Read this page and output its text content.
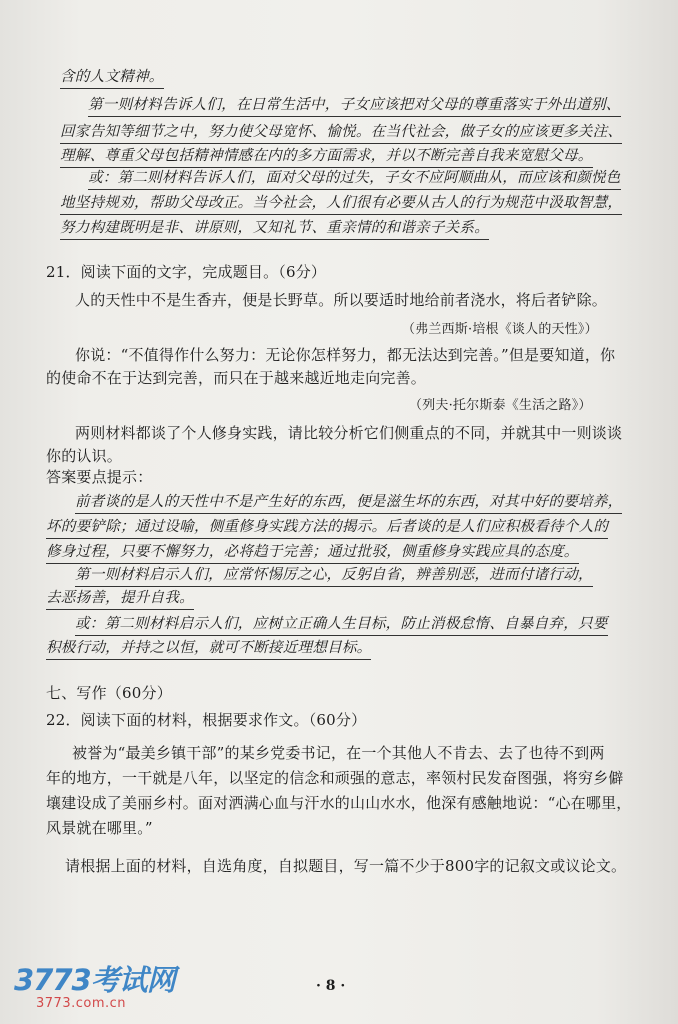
含的人文精神。
第一则材料告诉人们，在日常生活中，子女应该把对父母的尊重落实于外出道别、
回家告知等细节之中，努力使父母宽怀、愉悦。在当代社会，做子女的应该更多关注、
理解、尊重父母包括精神情感在内的多方面需求，并以不断完善自我来宽慰父母。
或：第二则材料告诉人们，面对父母的过失，子女不应阿顺曲从，而应该和颜悦色
地坚持规劝，帮助父母改正。当今社会，人们很有必要从古人的行为规范中汲取智慧，
努力构建既明是非、讲原则，又知礼节、重亲情的和谐亲子关系。
21．阅读下面的文字，完成题目。（6分）
人的天性中不是生香卉，便是长野草。所以要适时地给前者浇水，将后者铲除。
（弗兰西斯·培根《谈人的天性》）
你说：“不值得作什么努力：无论你怎样努力，都无法达到完善。”但是要知道，你
的使命不在于达到完善，而只在于越来越近地走向完善。
（列夫·托尔斯泰《生活之路》）
两则材料都谈了个人修身实践，请比较分析它们侧重点的不同，并就其中一则谈谈
你的认识。
答案要点提示：
前者谈的是人的天性中不是产生好的东西，便是滋生坏的东西，对其中好的要培养，
坏的要铲除；通过设喻，侧重修身实践方法的揭示。后者谈的是人们应积极看待个人的
修身过程，只要不懈努力，必将趋于完善；通过批驳，侧重修身实践应具的态度。
第一则材料启示人们，应常怀惕厉之心，反躬自省，辨善别恶，进而付诸行动，
去恶扬善，提升自我。
或：第二则材料启示人们，应树立正确人生目标，防止消极怠惰、自暴自弃，只要
积极行动，并持之以恒，就可不断接近理想目标。
七、写作（60分）
22．阅读下面的材料，根据要求作文。（60分）
被誉为“最美乡镇干部”的某乡党委书记，在一个其他人不肯去、去了也待不到两
年的地方，一干就是八年，以坚定的信念和顽强的意志，率领村民发奋图强，将穷乡僻
壤建设成了美丽乡村。面对洒满心血与汗水的山山水水，他深有感触地说：“心在哪里，
风景就在哪里。”
请根据上面的材料，自选角度，自拟题目，写一篇不少于800字的记叙文或议论文。
· 8 ·
3773考试网
3773.com.cn
